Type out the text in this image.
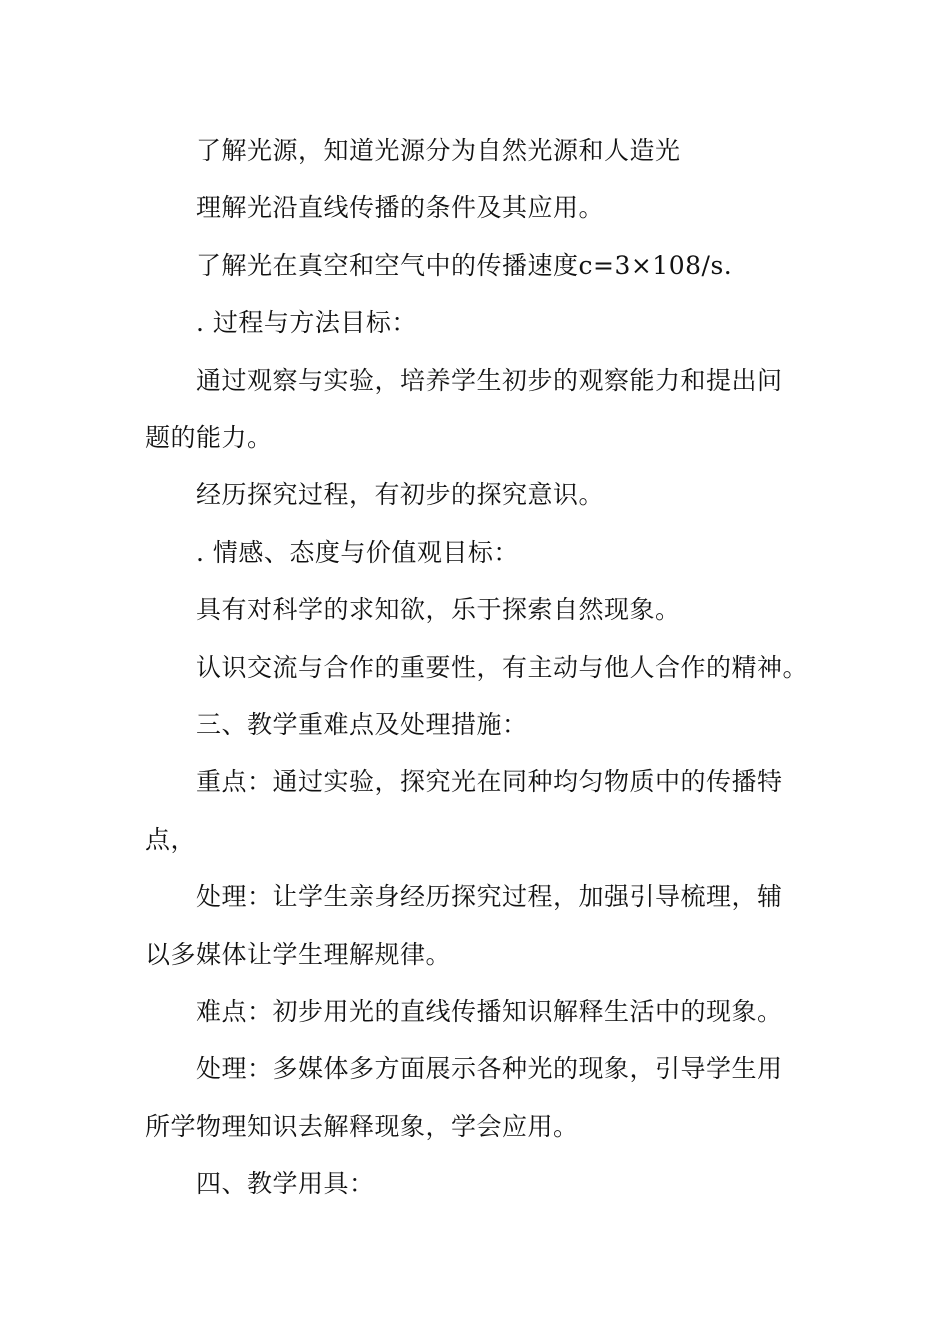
了解光源，知道光源分为自然光源和人造光
理解光沿直线传播的条件及其应用。
了解光在真空和空气中的传播速度c=3×108/s.
. 过程与方法目标：
通过观察与实验，培养学生初步的观察能力和提出问
题的能力。
经历探究过程，有初步的探究意识。
. 情感、态度与价值观目标：
具有对科学的求知欲，乐于探索自然现象。
认识交流与合作的重要性，有主动与他人合作的精神。
三、教学重难点及处理措施：
重点：通过实验，探究光在同种均匀物质中的传播特
点，
处理：让学生亲身经历探究过程，加强引导梳理，辅
以多媒体让学生理解规律。
难点：初步用光的直线传播知识解释生活中的现象。
处理：多媒体多方面展示各种光的现象，引导学生用
所学物理知识去解释现象，学会应用。
四、教学用具：
